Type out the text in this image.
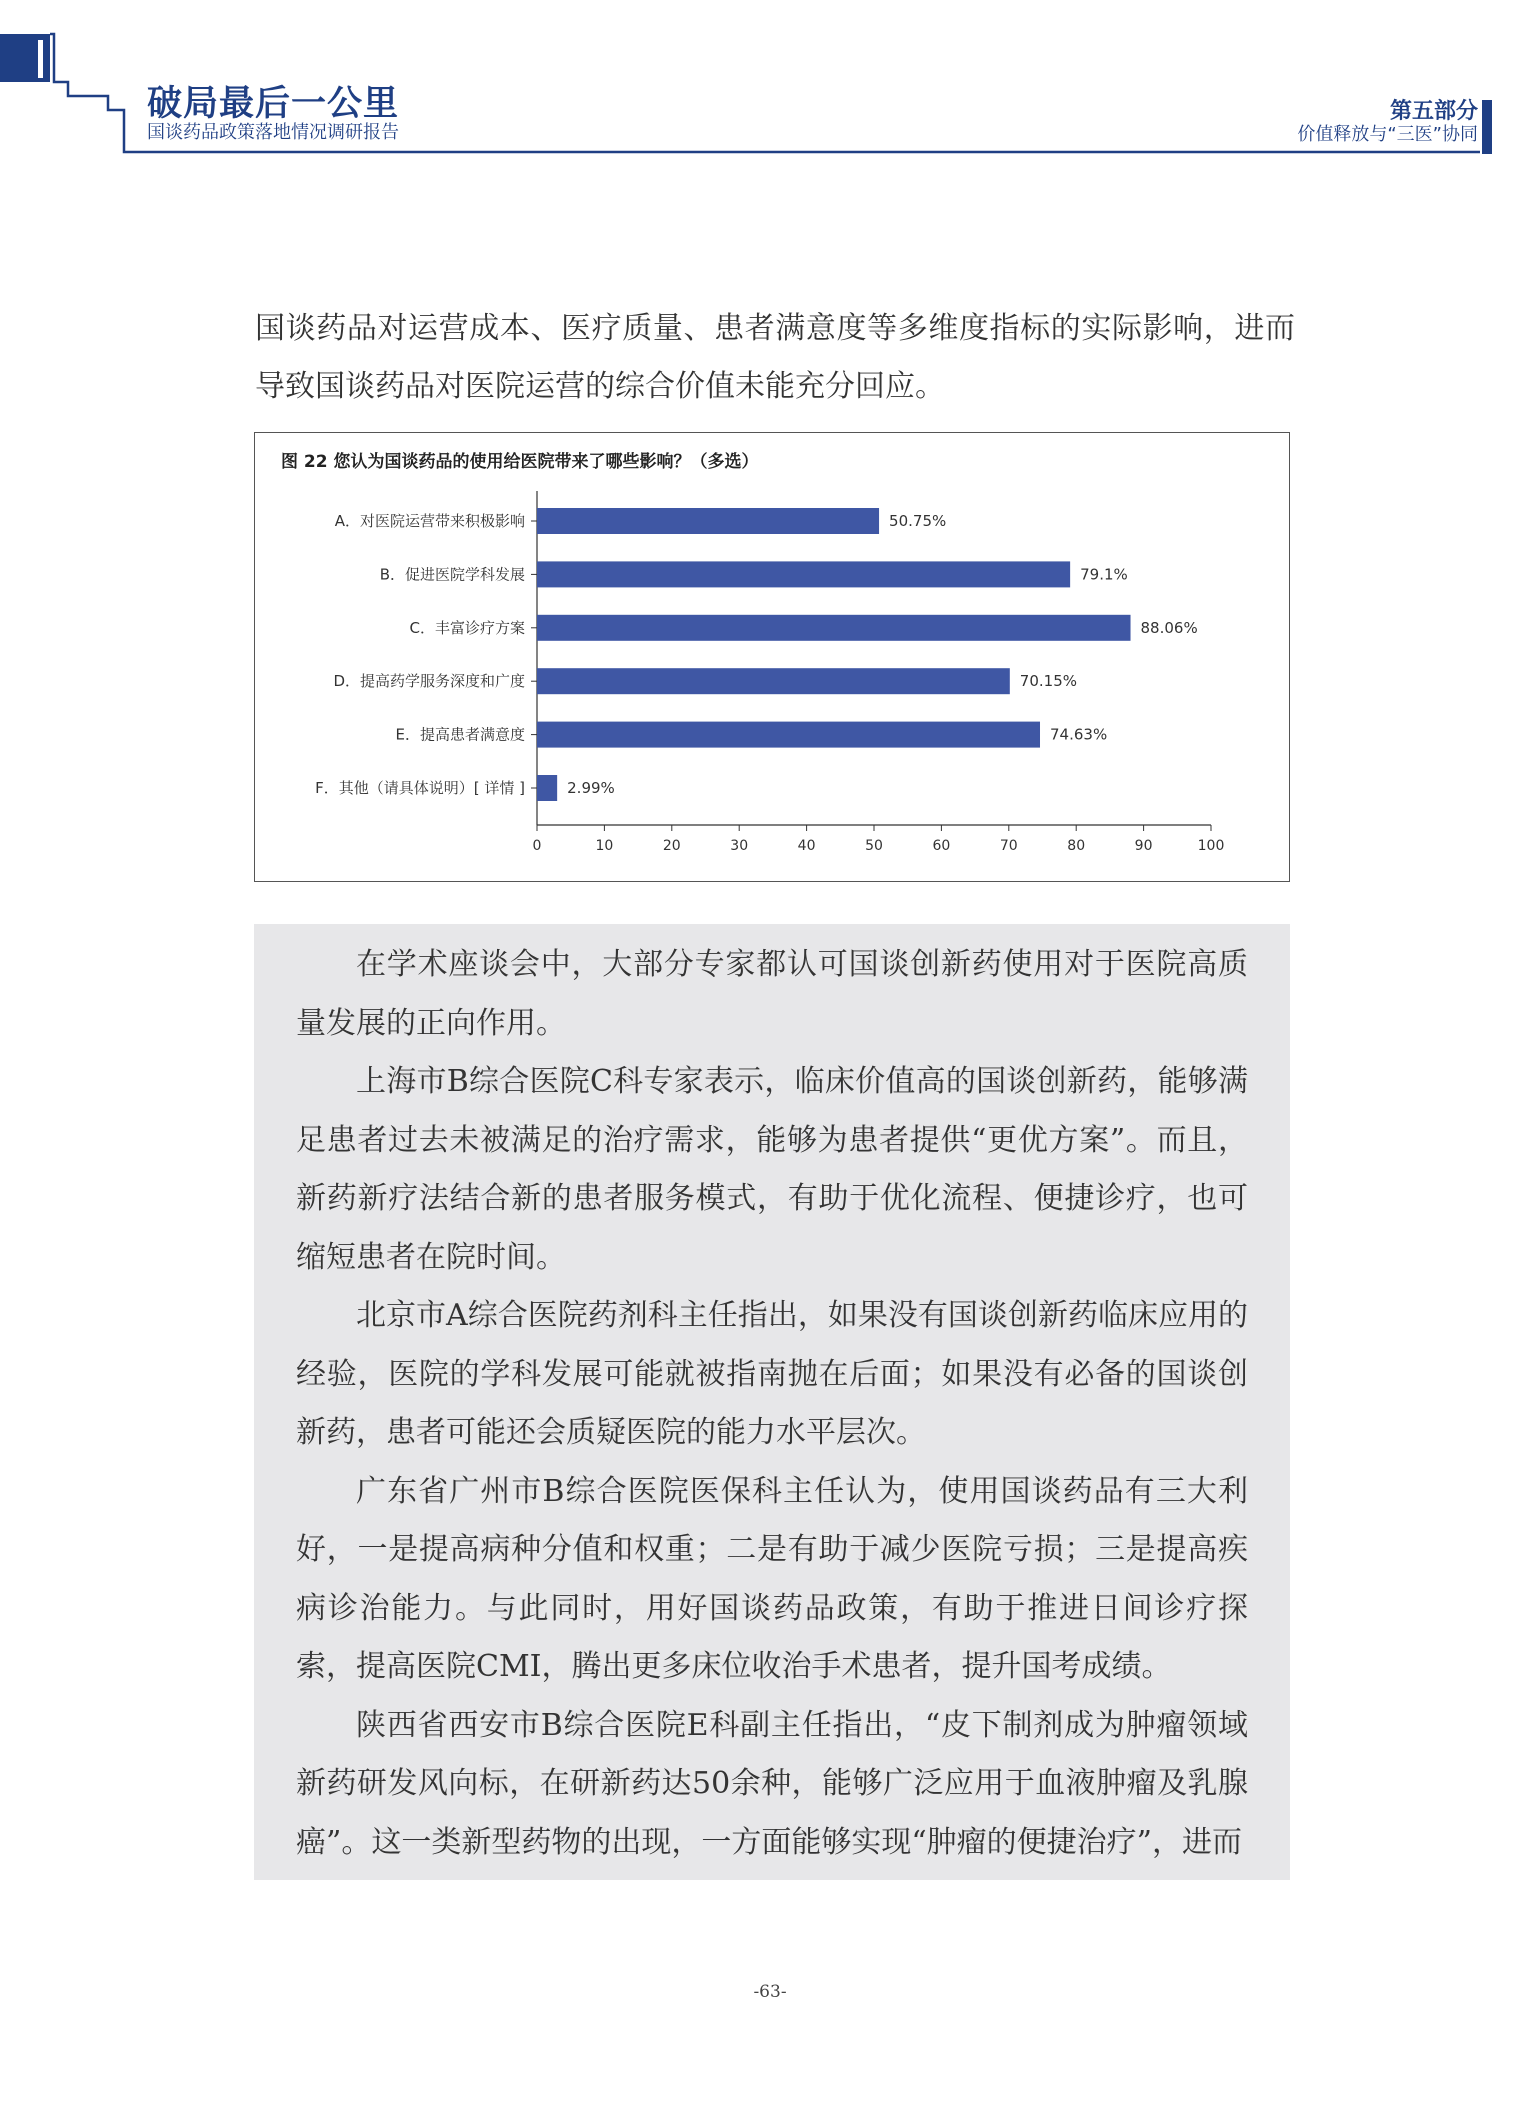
破局最后一公里
国谈药品政策落地情况调研报告
第五部分
价值释放与“三医”协同

国谈药品对运营成本、医疗质量、患者满意度等多维度指标的实际影响，进而导致国谈药品对医院运营的综合价值未能充分回应。

图 22 您认为国谈药品的使用给医院带来了哪些影响？（多选）
A．对医院运营带来积极影响	50.75%
B．促进医院学科发展	79.1%
C．丰富诊疗方案	88.06%
D．提高药学服务深度和广度	70.15%
E．提高患者满意度	74.63%
F．其他（请具体说明）[ 详情 ]	2.99%
0	10	20	30	40	50	60	70	80	90	100

在学术座谈会中，大部分专家都认可国谈创新药使用对于医院高质量发展的正向作用。

上海市B综合医院C科专家表示，临床价值高的国谈创新药，能够满足患者过去未被满足的治疗需求，能够为患者提供“更优方案”。而且，新药新疗法结合新的患者服务模式，有助于优化流程、便捷诊疗，也可缩短患者在院时间。

北京市A综合医院药剂科主任指出，如果没有国谈创新药临床应用的经验，医院的学科发展可能就被指南抛在后面；如果没有必备的国谈创新药，患者可能还会质疑医院的能力水平层次。

广东省广州市B综合医院医保科主任认为，使用国谈药品有三大利好，一是提高病种分值和权重；二是有助于减少医院亏损；三是提高疾病诊治能力。与此同时，用好国谈药品政策，有助于推进日间诊疗探索，提高医院CMI，腾出更多床位收治手术患者，提升国考成绩。

陕西省西安市B综合医院E科副主任指出，“皮下制剂成为肿瘤领域新药研发风向标，在研新药达50余种，能够广泛应用于血液肿瘤及乳腺癌”。这一类新型药物的出现，一方面能够实现“肿瘤的便捷治疗”，进而

-63-
